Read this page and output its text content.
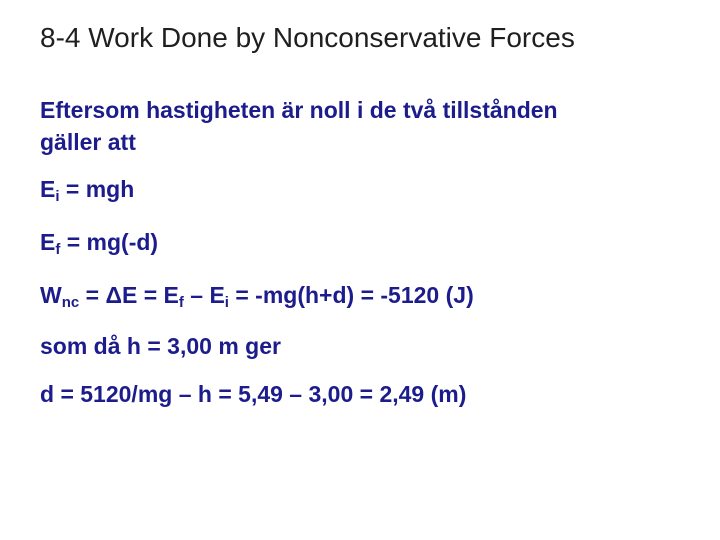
8-4 Work Done by Nonconservative Forces
Eftersom hastigheten är noll i de två tillstånden
gäller att
$E_i$ = mgh
$E_f = mg(-d)$
$W_{nc} = \Delta E = E_f - E_i = -mg(h+d) = -5120$ (J)
som då h = 3,00 m ger
d = 5120/mg – h = 5,49 – 3,00 = 2,49 (m)
